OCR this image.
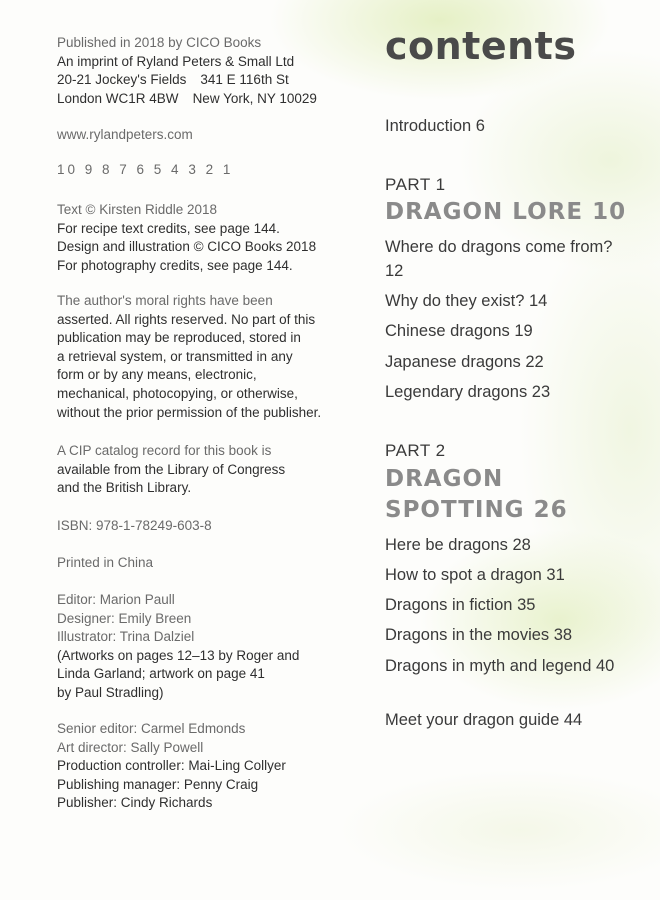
Published in 2018 by CICO Books
An imprint of Ryland Peters & Small Ltd
20-21 Jockey's Fields 341 E 116th St
London WC1R 4BW New York, NY 10029
www.rylandpeters.com
10 9 8 7 6 5 4 3 2 1
Text © Kirsten Riddle 2018
For recipe text credits, see page 144.
Design and illustration © CICO Books 2018
For photography credits, see page 144.
The author's moral rights have been
asserted. All rights reserved. No part of this
publication may be reproduced, stored in
a retrieval system, or transmitted in any
form or by any means, electronic,
mechanical, photocopying, or otherwise,
without the prior permission of the publisher.
A CIP catalog record for this book is
available from the Library of Congress
and the British Library.
ISBN: 978-1-78249-603-8
Printed in China
Editor: Marion Paull
Designer: Emily Breen
Illustrator: Trina Dalziel
(Artworks on pages 12–13 by Roger and
Linda Garland; artwork on page 41
by Paul Stradling)
Senior editor: Carmel Edmonds
Art director: Sally Powell
Production controller: Mai-Ling Collyer
Publishing manager: Penny Craig
Publisher: Cindy Richards
contents

Introduction 6

PART 1

DRAGON LORE 10

Where do dragons come from? 12

Why do they exist? 14

Chinese dragons 19

Japanese dragons 22

Legendary dragons 23

PART 2

DRAGON
SPOTTING 26

Here be dragons 28

How to spot a dragon 31

Dragons in fiction 35

Dragons in the movies 38

Dragons in myth and legend 40

Meet your dragon guide 44
